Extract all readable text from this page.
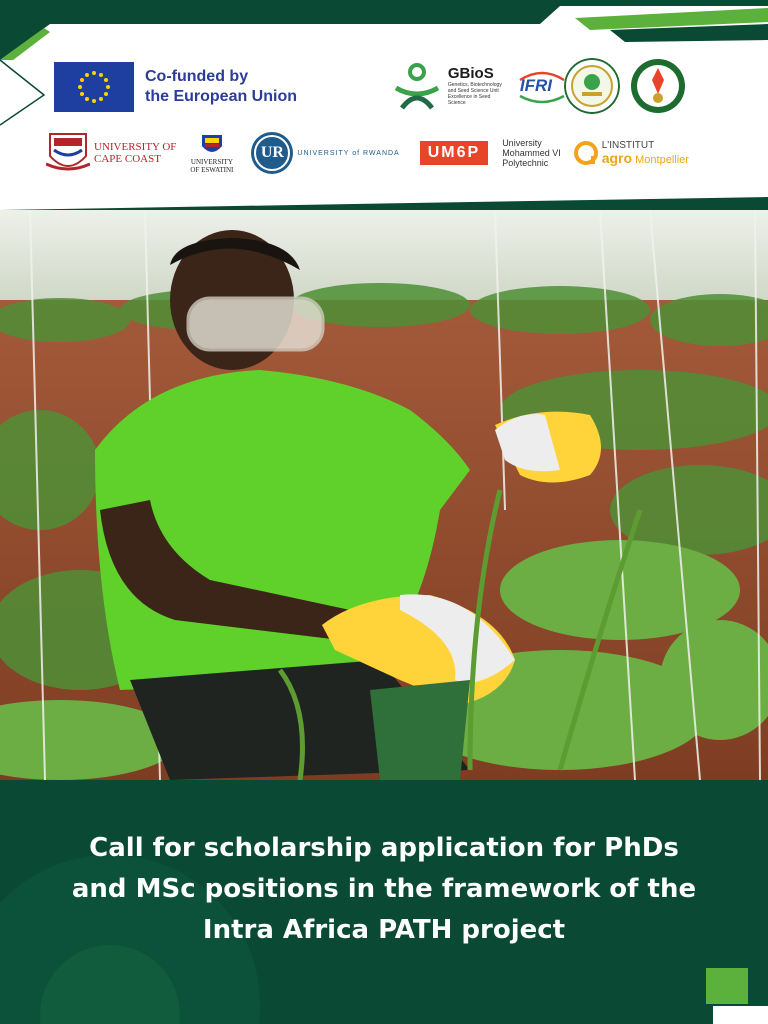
Co-funded by
the European Union
GBioS
Genetics, Biotechnology and Seed Science Unit Excellence in Seed Science
IFRI
UNIVERSITY OF
CAPE COAST	UNIVERSITY
OF ESWATINI
UR	UNIVERSITY of RWANDA	UM6P
University
Mohammed VI
Polytechnic
L'INSTITUT
agro Montpellier
Call for scholarship application for PhDs
and MSc positions in the framework of the
Intra Africa PATH project
